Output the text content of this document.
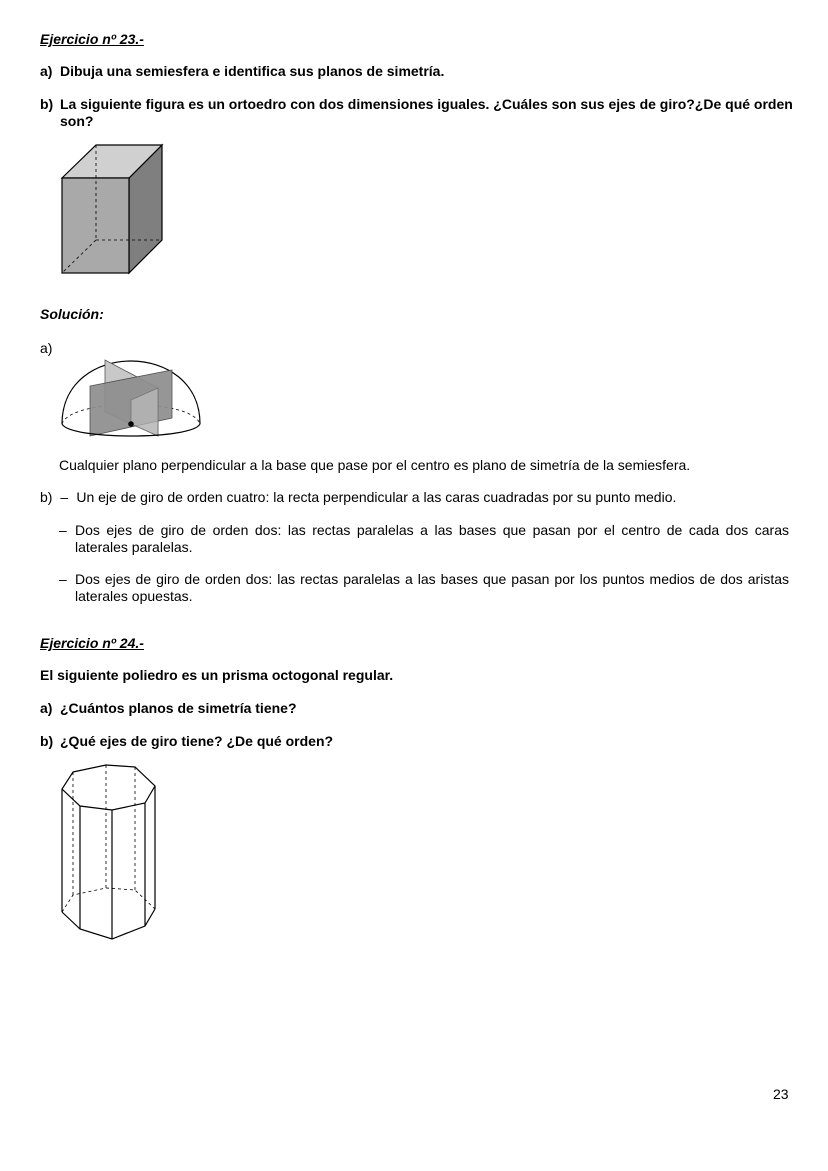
Ejercicio nº 23.-
a) Dibuja una semiesfera e identifica sus planos de simetría.
b) La siguiente figura es un ortoedro con dos dimensiones iguales. ¿Cuáles son sus ejes de giro?¿De qué orden son?
Solución:
a)
Cualquier plano perpendicular a la base que pase por el centro es plano de simetría de la semiesfera.
b) – Un eje de giro de orden cuatro: la recta perpendicular a las caras cuadradas por su punto medio.
– Dos ejes de giro de orden dos: las rectas paralelas a las bases que pasan por el centro de cada dos caras laterales paralelas.
– Dos ejes de giro de orden dos: las rectas paralelas a las bases que pasan por los puntos medios de dos aristas laterales opuestas.
Ejercicio nº 24.-
El siguiente poliedro es un prisma octogonal regular.
a) ¿Cuántos planos de simetría tiene?
b) ¿Qué ejes de giro tiene? ¿De qué orden?
23
